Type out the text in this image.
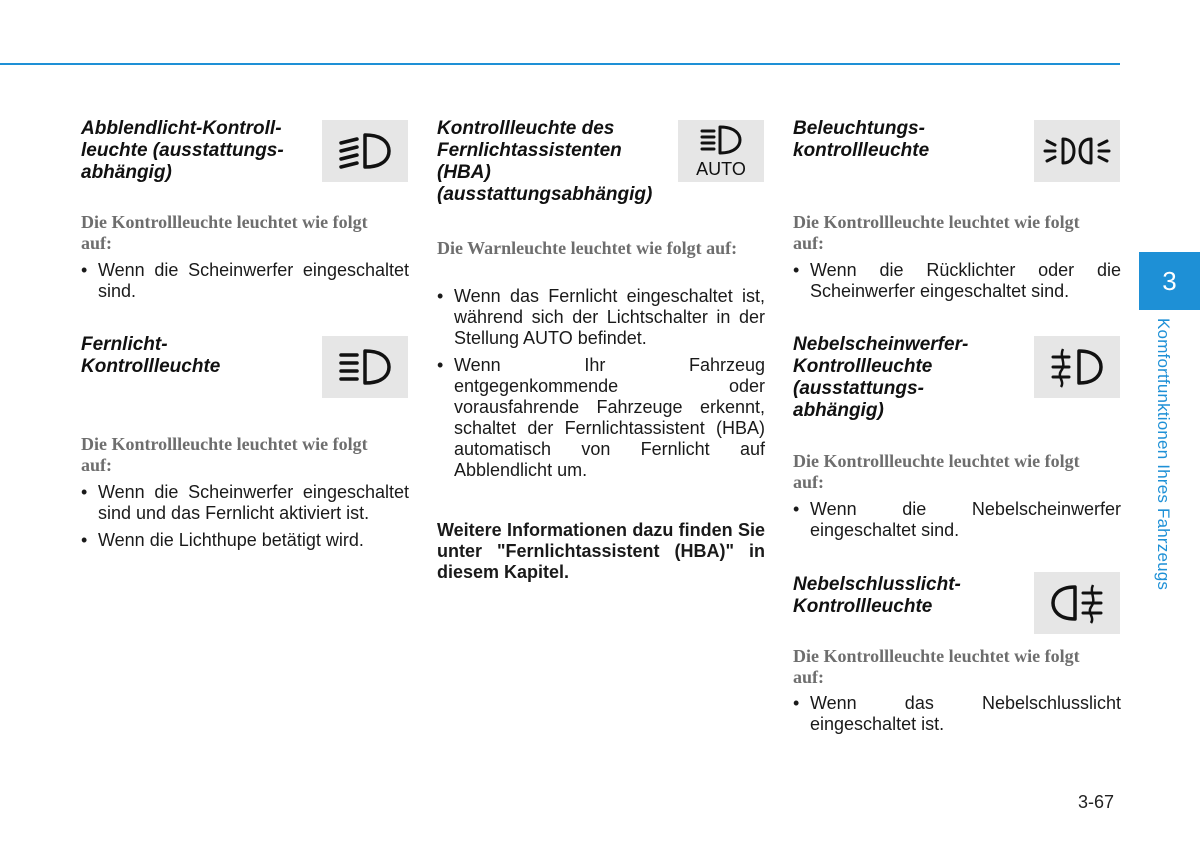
Abblendlicht-Kontroll-
leuchte (ausstattungs-
abhängig)
Die Kontrollleuchte leuchtet wie folgt auf:
• Wenn die Scheinwerfer eingeschaltet sind.
Fernlicht-
Kontrollleuchte
Die Kontrollleuchte leuchtet wie folgt auf:
• Wenn die Scheinwerfer eingeschaltet sind und das Fernlicht aktiviert ist.
• Wenn die Lichthupe betätigt wird.
Kontrollleuchte des
Fernlichtassistenten
(HBA)
(ausstattungsabhängig)
AUTO
Die Warnleuchte leuchtet wie folgt auf:
• Wenn das Fernlicht eingeschaltet ist, während sich der Lichtschalter in der Stellung AUTO befindet.
• Wenn Ihr Fahrzeug entgegenkommende oder vorausfahrende Fahrzeuge erkennt, schaltet der Fernlichtassistent (HBA) automatisch von Fernlicht auf Abblendlicht um.
Weitere Informationen dazu finden Sie unter "Fernlichtassistent (HBA)" in diesem Kapitel.
Beleuchtungs-
kontrollleuchte
Die Kontrollleuchte leuchtet wie folgt auf:
• Wenn die Rücklichter oder die Scheinwerfer eingeschaltet sind.
Nebelscheinwerfer-
Kontrollleuchte
(ausstattungs-
abhängig)
Die Kontrollleuchte leuchtet wie folgt auf:
• Wenn die Nebelscheinwerfer eingeschaltet sind.
Nebelschlusslicht-
Kontrollleuchte
Die Kontrollleuchte leuchtet wie folgt auf:
• Wenn das Nebelschlusslicht eingeschaltet ist.
3
Komfortfunktionen Ihres Fahrzeugs
3-67
